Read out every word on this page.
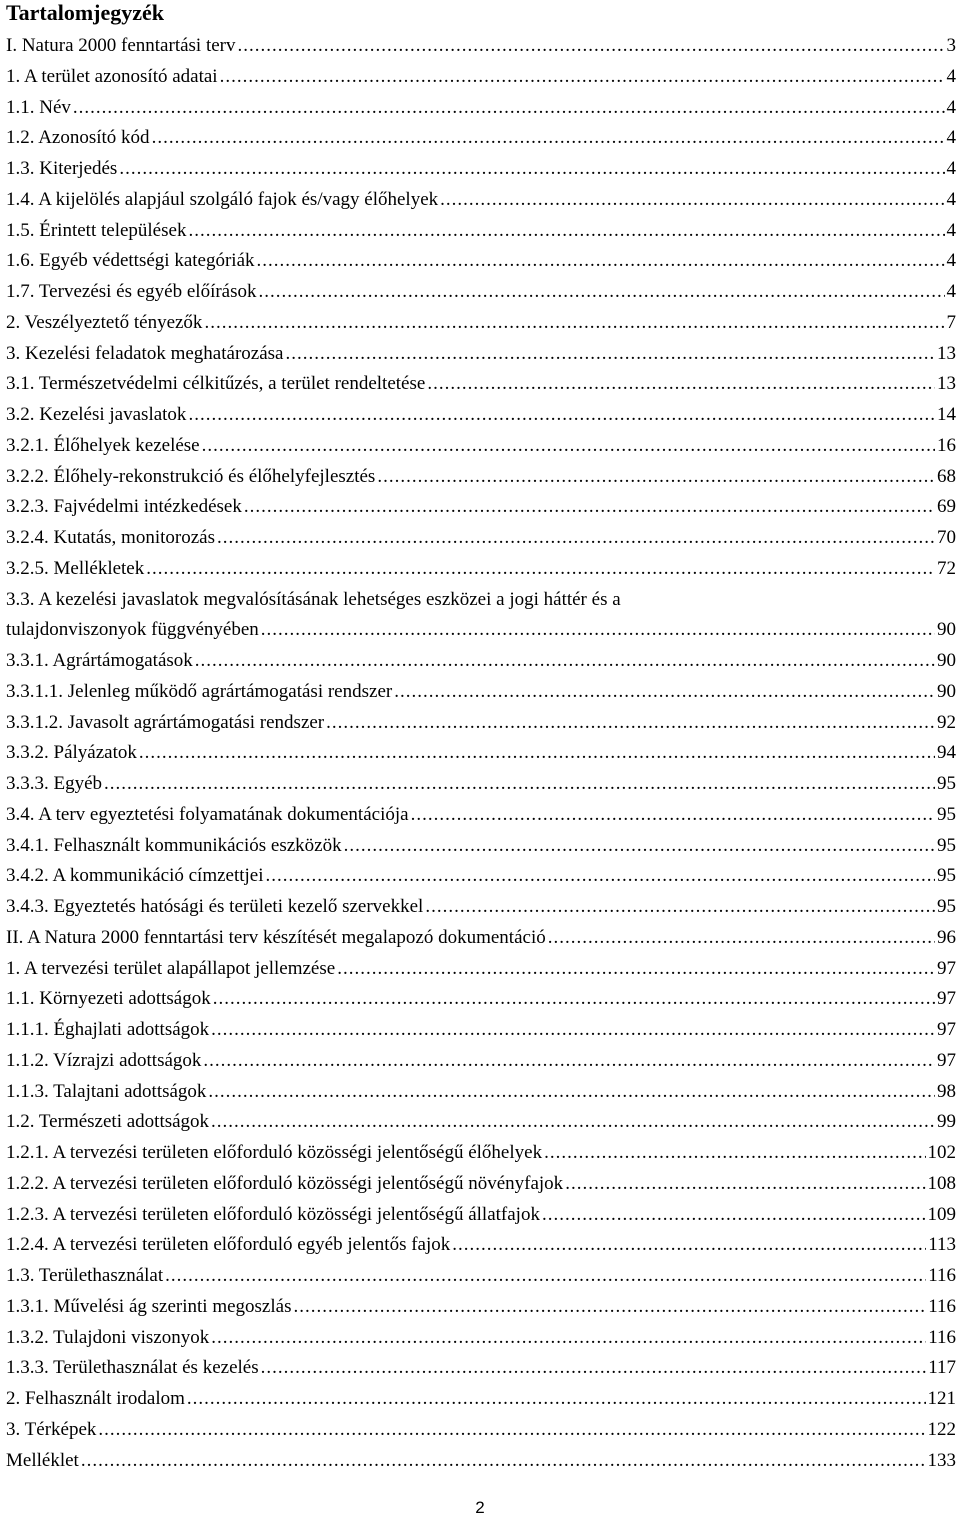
Tartalomjegyzék
I. Natura 2000 fenntartási terv .....	3
1. A terület azonosító adatai .....	4
1.1. Név .....	4
1.2. Azonosító kód .....	4
1.3. Kiterjedés .....	4
1.4. A kijelölés alapjául szolgáló fajok és/vagy élőhelyek .....	4
1.5. Érintett települések .....	4
1.6. Egyéb védettségi kategóriák .....	4
1.7. Tervezési és egyéb előírások .....	4
2. Veszélyeztető tényezők .....	7
3. Kezelési feladatok meghatározása .....	13
3.1. Természetvédelmi célkitűzés, a terület rendeltetése .....	13
3.2. Kezelési javaslatok .....	14
3.2.1. Élőhelyek kezelése .....	16
3.2.2. Élőhely-rekonstrukció és élőhelyfejlesztés .....	68
3.2.3. Fajvédelmi intézkedések .....	69
3.2.4. Kutatás, monitorozás .....	70
3.2.5. Mellékletek .....	72
3.3. A kezelési javaslatok megvalósításának lehetséges eszközei a jogi háttér és a
tulajdonviszonyok függvényében .....	90
3.3.1. Agrártámogatások .....	90
3.3.1.1. Jelenleg működő agrártámogatási rendszer .....	90
3.3.1.2. Javasolt agrártámogatási rendszer .....	92
3.3.2. Pályázatok .....	94
3.3.3. Egyéb .....	95
3.4. A terv egyeztetési folyamatának dokumentációja .....	95
3.4.1. Felhasznált kommunikációs eszközök .....	95
3.4.2. A kommunikáció címzettjei .....	95
3.4.3. Egyeztetés hatósági és területi kezelő szervekkel .....	95
II. A Natura 2000 fenntartási terv készítését megalapozó dokumentáció .....	96
1. A tervezési terület alapállapot jellemzése .....	97
1.1. Környezeti adottságok .....	97
1.1.1. Éghajlati adottságok .....	97
1.1.2. Vízrajzi adottságok .....	97
1.1.3. Talajtani adottságok .....	98
1.2. Természeti adottságok .....	99
1.2.1. A tervezési területen előforduló közösségi jelentőségű élőhelyek .....	102
1.2.2. A tervezési területen előforduló közösségi jelentőségű növényfajok .....	108
1.2.3. A tervezési területen előforduló közösségi jelentőségű állatfajok .....	109
1.2.4. A tervezési területen előforduló egyéb jelentős fajok .....	113
1.3. Területhasználat .....	116
1.3.1. Művelési ág szerinti megoszlás .....	116
1.3.2. Tulajdoni viszonyok .....	116
1.3.3. Területhasználat és kezelés .....	117
2. Felhasznált irodalom .....	121
3. Térképek .....	122
Melléklet .....	133
2
